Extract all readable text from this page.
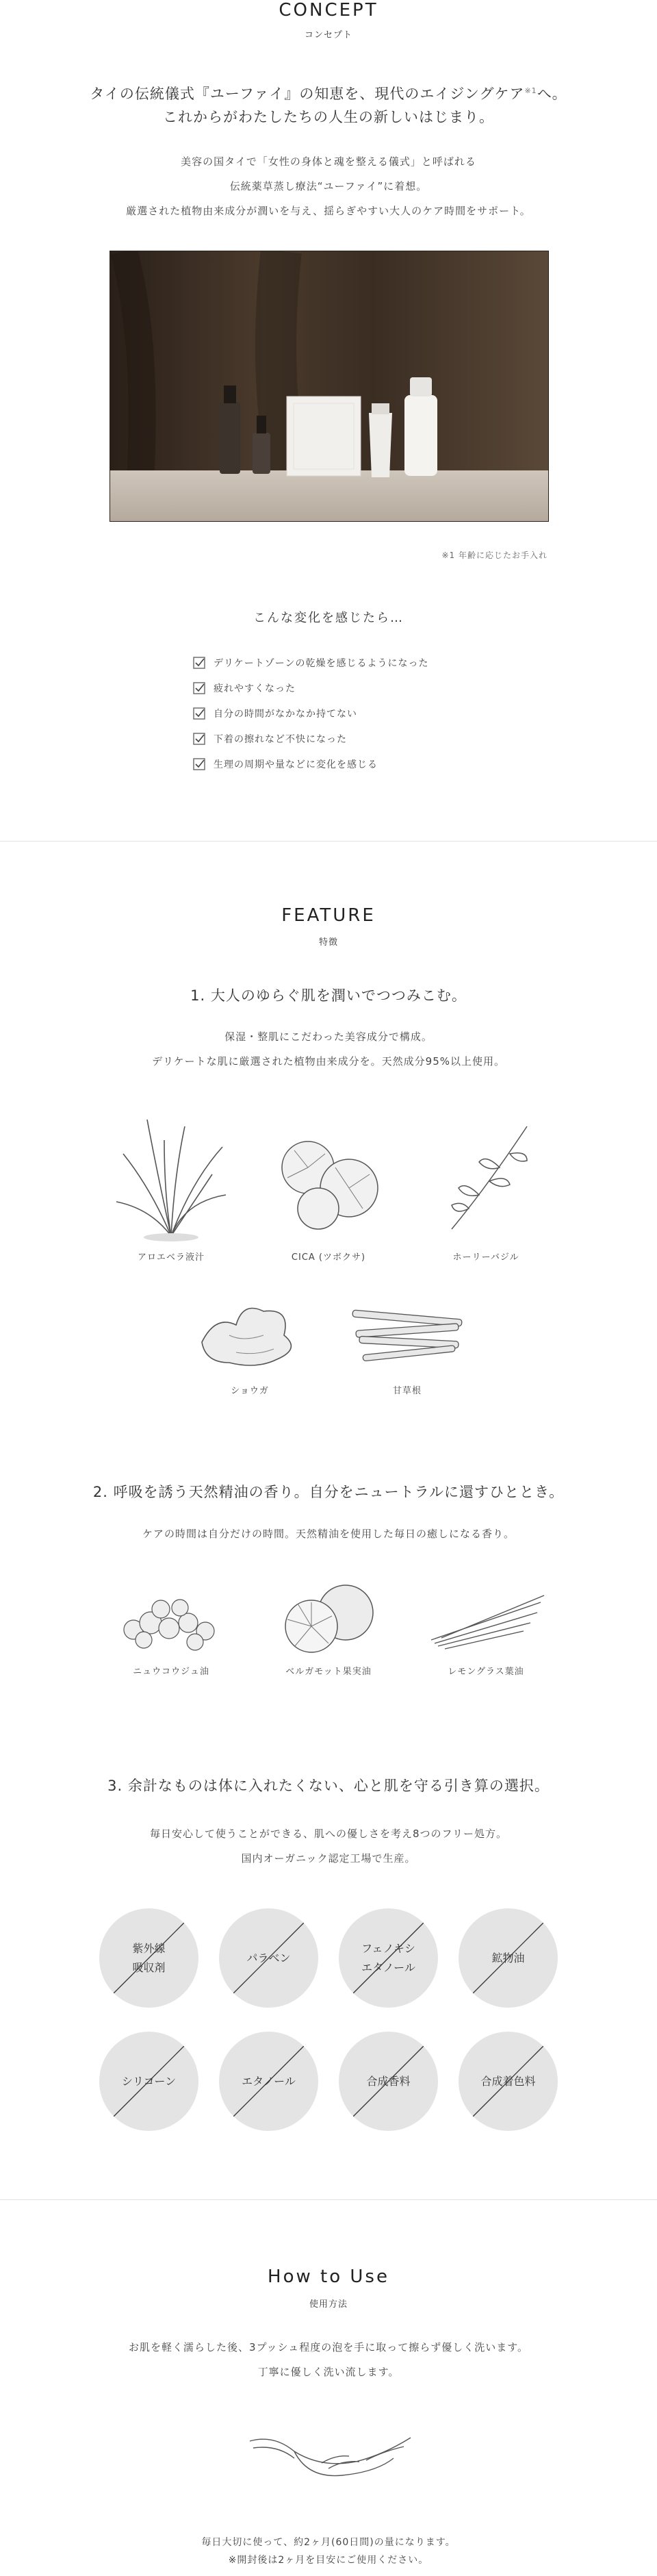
CONCEPT
コンセプト
タイの伝統儀式『ユーファイ』の知恵を、現代のエイジングケア$^{※1}$へ。
これからがわたしたちの人生の新しいはじまり。
美容の国タイで「女性の身体と魂を整える儀式」と呼ばれる
伝統薬草蒸し療法“ユーファイ”に着想。
厳選された植物由来成分が潤いを与え、揺らぎやすい大人のケア時間をサポート。
※1 年齢に応じたお手入れ
こんな変化を感じたら…
デリケートゾーンの乾燥を感じるようになった
疲れやすくなった
自分の時間がなかなか持てない
下着の擦れなど不快になった
生理の周期や量などに変化を感じる
FEATURE
特徴
1. 大人のゆらぐ肌を潤いでつつみこむ。
保湿・整肌にこだわった美容成分で構成。
デリケートな肌に厳選された植物由来成分を。天然成分95%以上使用。
アロエベラ液汁	CICA (ツボクサ)	ホーリーバジル
ショウガ	甘草根
2. 呼吸を誘う天然精油の香り。自分をニュートラルに還すひととき。
ケアの時間は自分だけの時間。天然精油を使用した毎日の癒しになる香り。
ニュウコウジュ油	ベルガモット果実油	レモングラス葉油
3. 余計なものは体に入れたくない、心と肌を守る引き算の選択。
毎日安心して使うことができる、肌への優しさを考え8つのフリー処方。
国内オーガニック認定工場で生産。
紫外線
吸収剤
パラベン
フェノキシ
エタノール
鉱物油
シリコーン	エタノール	合成香料	合成着色料
How to Use
使用方法
お肌を軽く濡らした後、3プッシュ程度の泡を手に取って擦らず優しく洗います。
丁寧に優しく洗い流します。
毎日大切に使って、約2ヶ月(60日間)の量になります。
※開封後は2ヶ月を目安にご使用ください。
